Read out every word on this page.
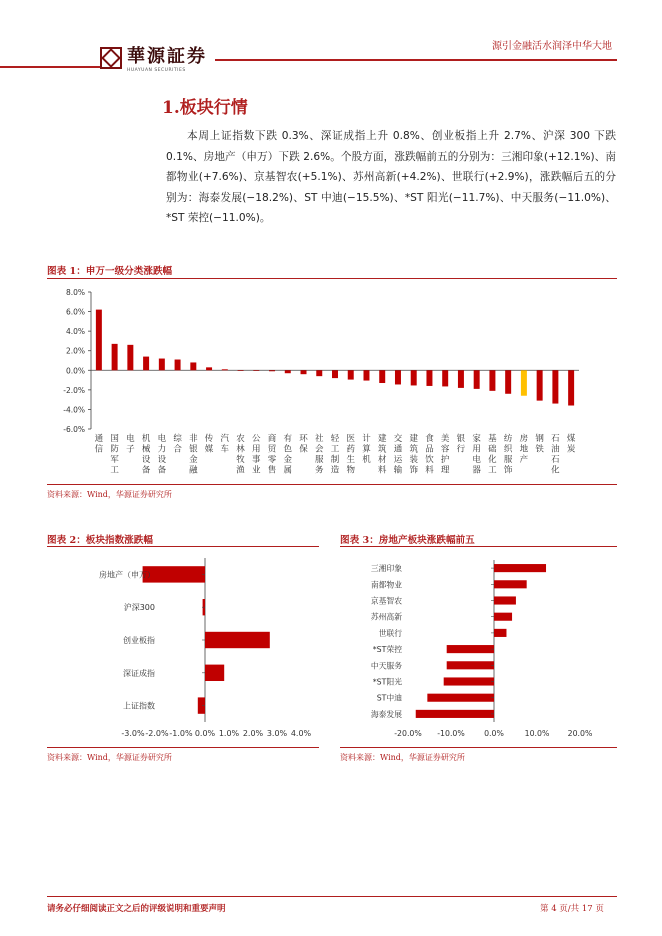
源引金融活水润泽中华大地
華源証券
HUAYUAN SECURITIES
1.板块行情
本周上证指数下跌 0.3%、深证成指上升 0.8%、创业板指上升 2.7%、沪深 300 下跌 0.1%、房地产（申万）下跌 2.6%。个股方面，涨跌幅前五的分别为：三湘印象(+12.1%)、南都物业(+7.6%)、京基智农(+5.1%)、苏州高新(+4.2%)、世联行(+2.9%)，涨跌幅后五的分别为：海泰发展(−18.2%)、ST 中迪(−15.5%)、*ST 阳光(−11.7%)、中天服务(−11.0%)、*ST 荣控(−11.0%)。
图表 1：申万一级分类涨跌幅
8.0%
6.0%
4.0%
2.0%
0.0%
-2.0%
-4.0%
-6.0%
通信
国防军工
电子
机械设备
电力设备
综合
非银金融
传媒
汽车
农林牧渔
公用事业
商贸零售
有色金属
环保
社会服务
轻工制造
医药生物
计算机
建筑材料
交通运输
建筑装饰
食品饮料
美容护理
银行
家用电器
基础化工
纺织服饰
房地产
钢铁
石油石化
煤炭
资料来源：Wind，华源证券研究所
图表 2：板块指数涨跌幅
-3.0% -2.0% -1.0% 0.0% 1.0% 2.0% 3.0% 4.0%
房地产（申万）
沪深300
创业板指
深证成指
上证指数
资料来源：Wind，华源证券研究所
图表 3：房地产板块涨跌幅前五
-20.0% -10.0% 0.0%	10.0% 20.0%
三湘印象
南都物业
京基智农
苏州高新
世联行
*ST荣控
中天服务
*ST阳光
ST中迪
海泰发展
资料来源：Wind，华源证券研究所
请务必仔细阅读正文之后的评级说明和重要声明	第 4 页/共 17 页
